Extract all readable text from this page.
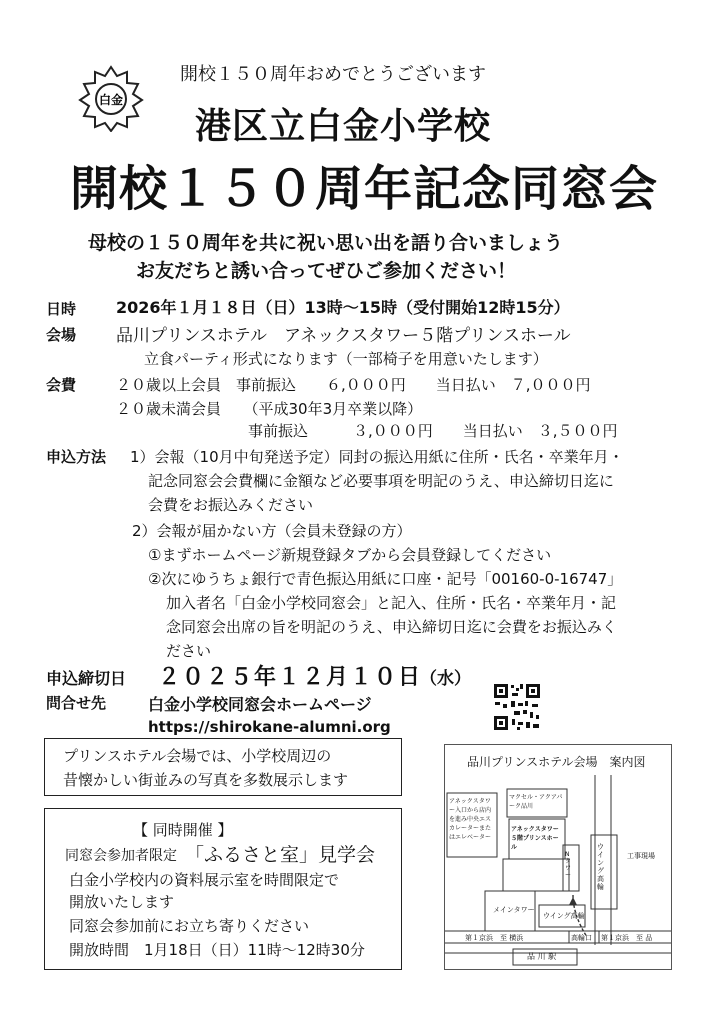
白金
開校１５０周年おめでとうございます
港区立白金小学校
開校１５０周年記念同窓会
母校の１５０周年を共に祝い思い出を語り合いましょう
お友だちと誘い合ってぜひご参加ください！
日時 2026年１月１８日（日）13時〜15時（受付開始12時15分）
会場 品川プリンスホテル　アネックスタワー５階プリンスホール
立食パーティ形式になります（一部椅子を用意いたします）
会費	２０歳以上会員　事前振込　　６,０００円　　当日払い　７,０００円
２０歳未満会員　　（平成30年3月卒業以降）
事前振込　　　３,０００円　　当日払い　３,５００円
申込方法 1）会報（10月中旬発送予定）同封の振込用紙に住所・氏名・卒業年月・
記念同窓会会費欄に金額など必要事項を明記のうえ、申込締切日迄に
会費をお振込みください
2）会報が届かない方（会員未登録の方）
①まずホームページ新規登録タブから会員登録してください
②次にゆうちょ銀行で青色振込用紙に口座・記号「00160-0-16747」
加入者名「白金小学校同窓会」と記入、住所・氏名・卒業年月・記
念同窓会出席の旨を明記のうえ、申込締切日迄に会費をお振込みく
ださい
申込締切日 ２０２５年１２月１０日
（水）
問合せ先	白金小学校同窓会ホームページ
https://shirokane-alumni.org
プリンスホテル会場では、小学校周辺の
昔懐かしい街並みの写真を多数展示します
【 同時開催 】
同窓会参加者限定 「ふるさと室」見学会
白金小学校内の資料展示室を時間限定で
開放いたします
同窓会参加前にお立ち寄りください
開放時間　1月18日（日）11時〜12時30分
品川プリンスホテル会場　案内図
アネックスタワー入口から店内を進み中央エスカレーターまたはエレベーター
マクセル・アクアパーク品川
アネックスタワー５階プリンスホール
Nタワー
メインタワー
ウイング高輪
ウイング高輪
工事現場
第１京浜　至 横浜	第１京浜　至 品
品 川 駅
高輪口
